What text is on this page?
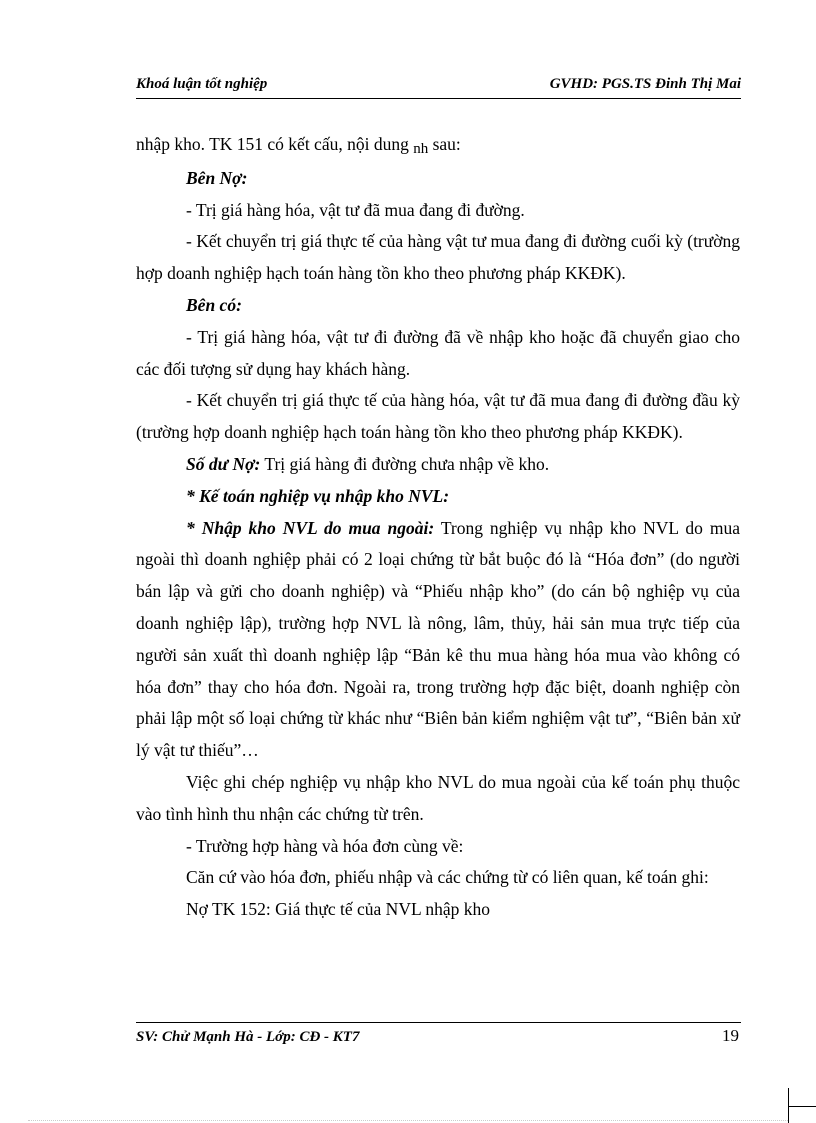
Khoá luận tốt nghiệp	GVHD: PGS.TS Đinh Thị Mai

nhập kho. TK 151 có kết cấu, nội dung nh sau:

Bên Nợ:

- Trị giá hàng hóa, vật tư đã mua đang đi đường.

- Kết chuyển trị giá thực tế của hàng vật tư mua đang đi đường cuối kỳ (trường hợp doanh nghiệp hạch toán hàng tồn kho theo phương pháp KKĐK).

Bên có:

- Trị giá hàng hóa, vật tư đi đường đã về nhập kho hoặc đã chuyển giao cho các đối tượng sử dụng hay khách hàng.

- Kết chuyển trị giá thực tế của hàng hóa, vật tư đã mua đang đi đường đầu kỳ (trường hợp doanh nghiệp hạch toán hàng tồn kho theo phương pháp KKĐK).

Số dư Nợ: Trị giá hàng đi đường chưa nhập về kho.

* Kế toán nghiệp vụ nhập kho NVL:

* Nhập kho NVL do mua ngoài: Trong nghiệp vụ nhập kho NVL do mua ngoài thì doanh nghiệp phải có 2 loại chứng từ bắt buộc đó là “Hóa đơn” (do người bán lập và gửi cho doanh nghiệp) và “Phiếu nhập kho” (do cán bộ nghiệp vụ của doanh nghiệp lập), trường hợp NVL là nông, lâm, thủy, hải sản mua trực tiếp của người sản xuất thì doanh nghiệp lập “Bản kê thu mua hàng hóa mua vào không có hóa đơn” thay cho hóa đơn. Ngoài ra, trong trường hợp đặc biệt, doanh nghiệp còn phải lập một số loại chứng từ khác như “Biên bản kiểm nghiệm vật tư”, “Biên bản xử lý vật tư thiếu”…

Việc ghi chép nghiệp vụ nhập kho NVL do mua ngoài của kế toán phụ thuộc vào tình hình thu nhận các chứng từ trên.

- Trường hợp hàng và hóa đơn cùng về:

Căn cứ vào hóa đơn, phiếu nhập và các chứng từ có liên quan, kế toán ghi:

Nợ TK 152: Giá thực tế của NVL nhập kho

SV: Chử Mạnh Hà - Lớp: CĐ - KT7	19
